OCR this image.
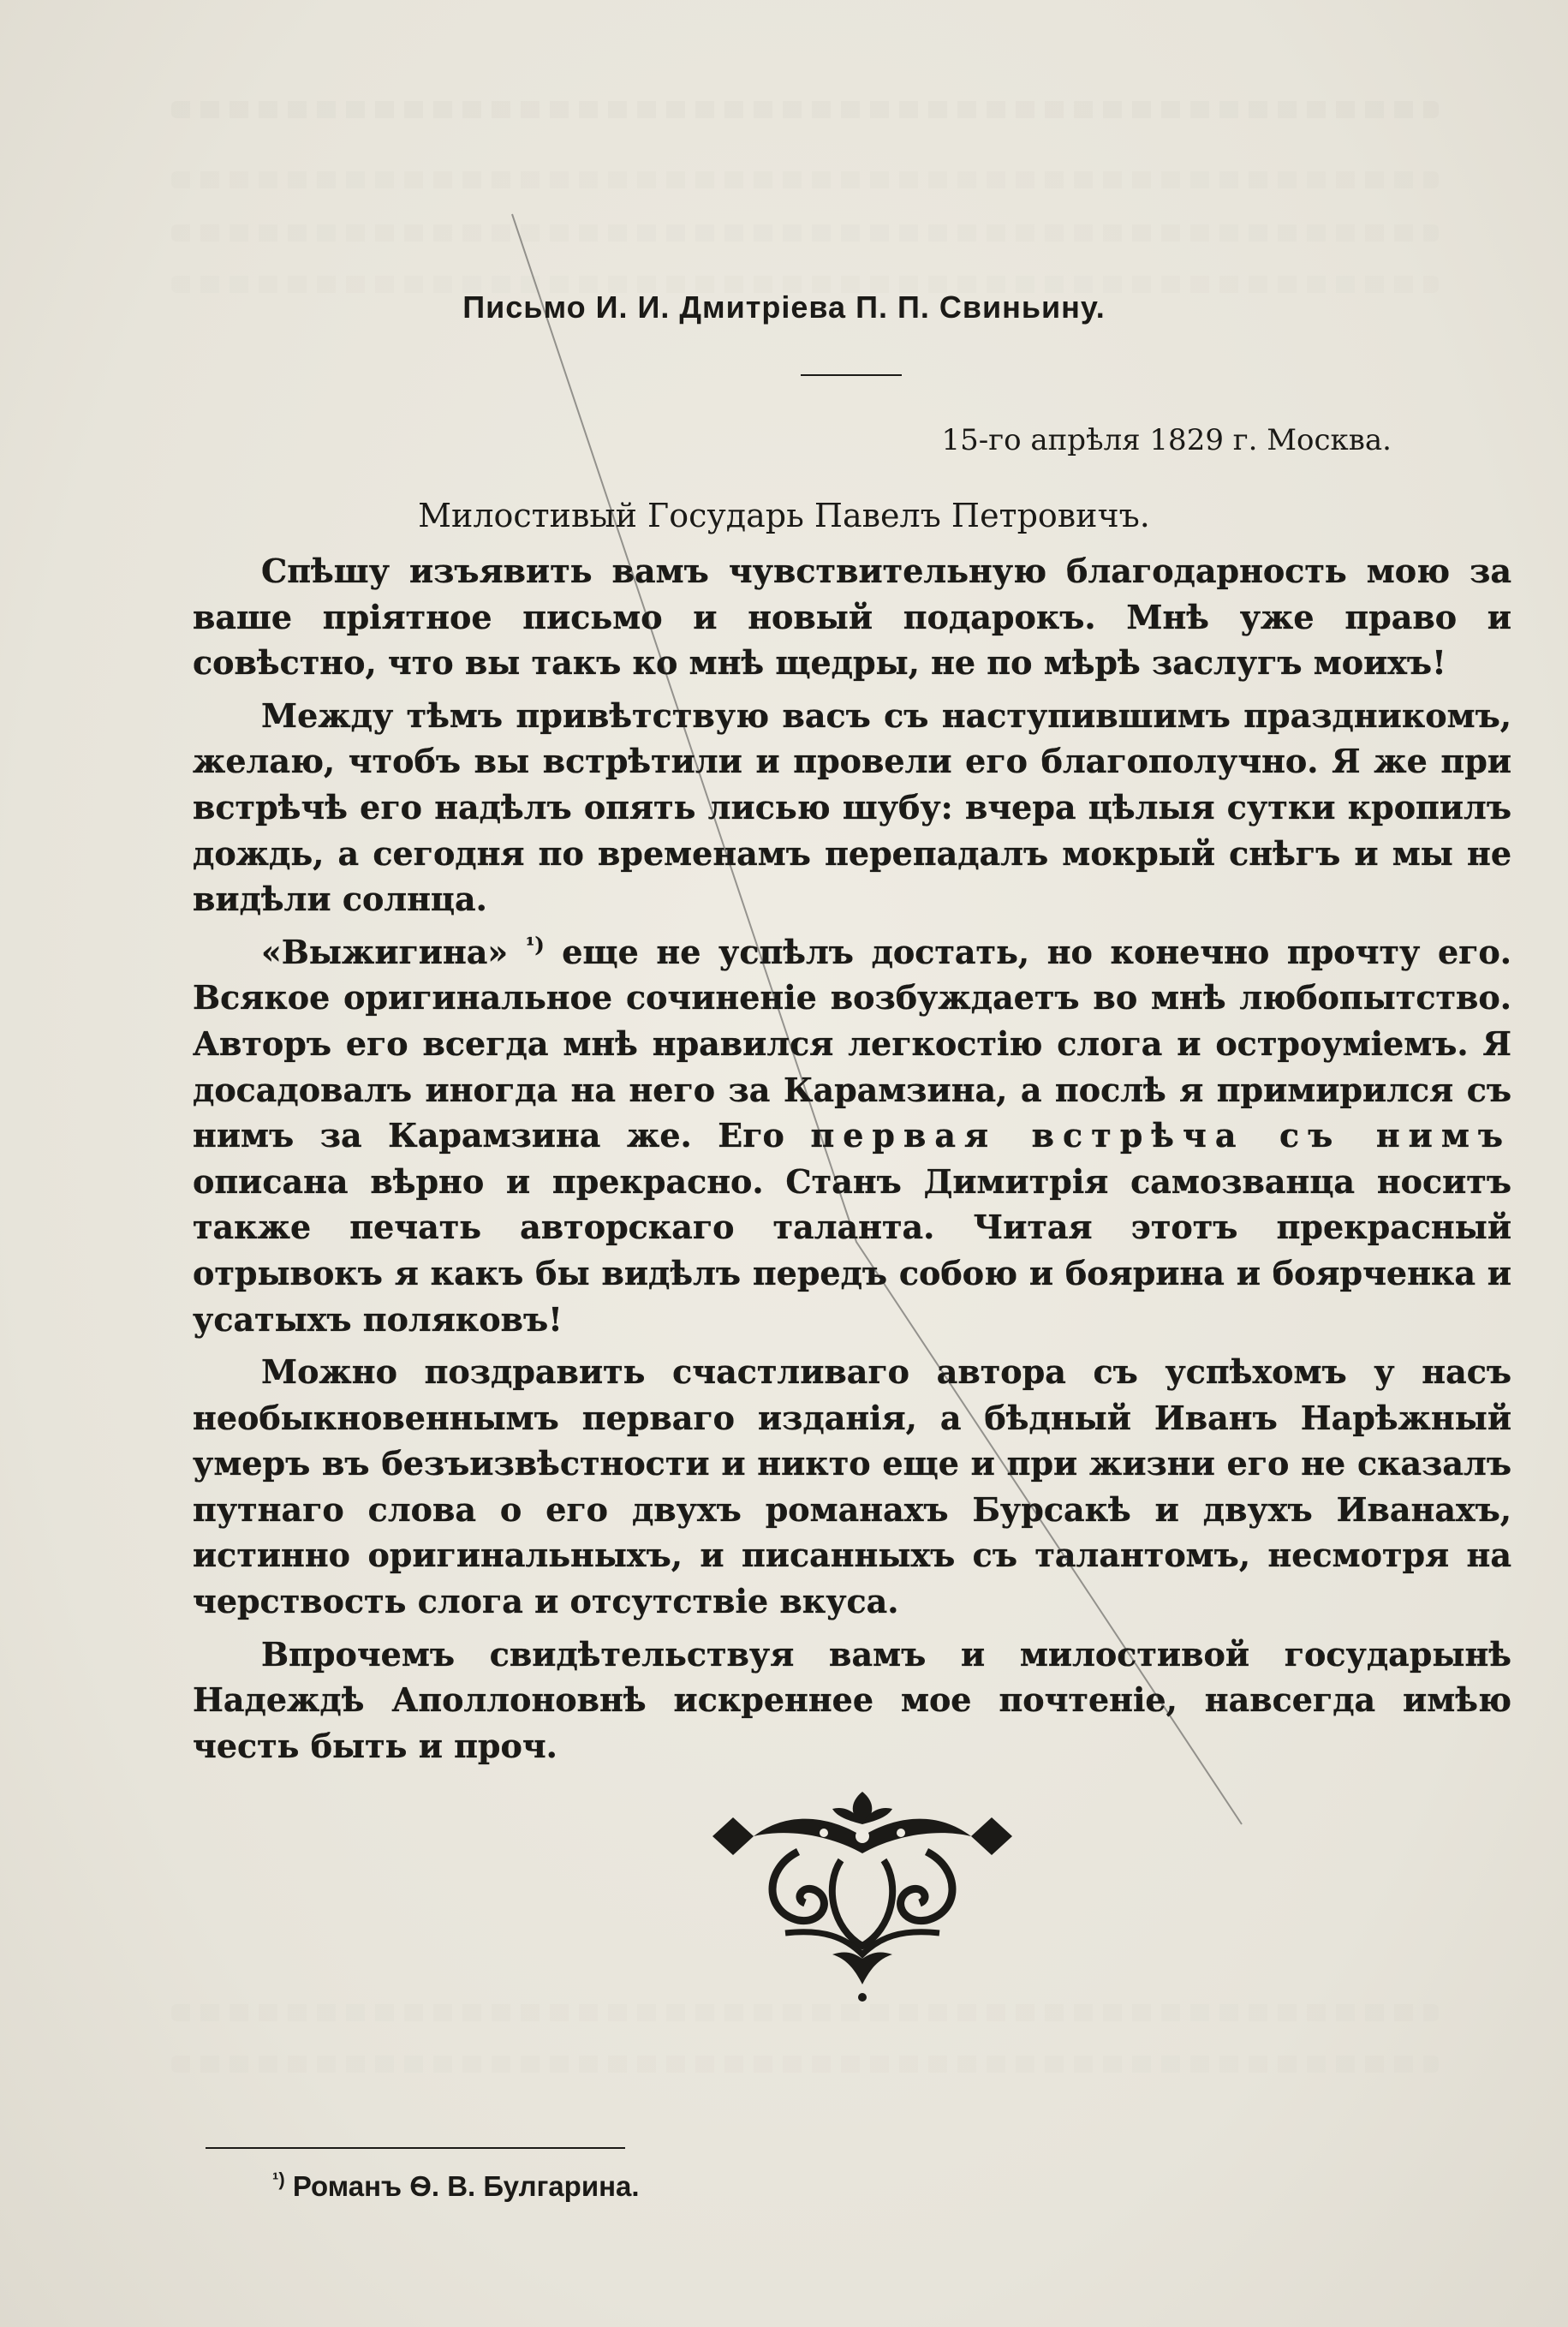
Письмо И. И. Дмитріева П. П. Свиньину.
15-го апрѣля 1829 г. Москва.
Милостивый Государь Павелъ Петровичъ.

Спѣшу изъявить вамъ чувствительную благодарность мою за ваше пріятное письмо и новый подарокъ. Мнѣ уже право и совѣстно, что вы такъ ко мнѣ щедры, не по мѣрѣ заслугъ моихъ!

Между тѣмъ привѣтствую васъ съ наступившимъ праздникомъ, желаю, чтобъ вы встрѣтили и провели его благополучно. Я же при встрѣчѣ его надѣлъ опять лисью шубу: вчера цѣлыя сутки кропилъ дождь, а сегодня по временамъ перепадалъ мокрый снѣгъ и мы не видѣли солнца.

«Выжигина» $^{^1)}$ еще не успѣлъ достать, но конечно прочту его. Всякое оригинальное сочиненіе возбуждаетъ во мнѣ любопытство. Авторъ его всегда мнѣ нравился легкостію слога и остроуміемъ. Я досадовалъ иногда на него за Карамзина, а послѣ я примирился съ нимъ за Карамзина же. Его первая встрѣча съ нимъ описана вѣрно и прекрасно. Станъ Димитрія самозванца носитъ также печать авторскаго таланта. Читая этотъ прекрасный отрывокъ я какъ бы видѣлъ передъ собою и боярина и боярченка и усатыхъ поляковъ!

Можно поздравить счастливаго автора съ успѣхомъ у насъ необыкновеннымъ перваго изданія, а бѣдный Иванъ Нарѣжный умеръ въ безъизвѣстности и никто еще и при жизни его не сказалъ путнаго слова о его двухъ романахъ Бурсакѣ и двухъ Иванахъ, истинно оригинальныхъ, и писанныхъ съ талантомъ, несмотря на черствость слога и отсутствіе вкуса.

Впрочемъ свидѣтельствуя вамъ и милостивой государынѣ Надеждѣ Аполлоновнѣ искреннее мое почтеніе, навсегда имѣю честь быть и проч.

$^{^1)}$ Романъ Ѳ. В. Булгарина.
